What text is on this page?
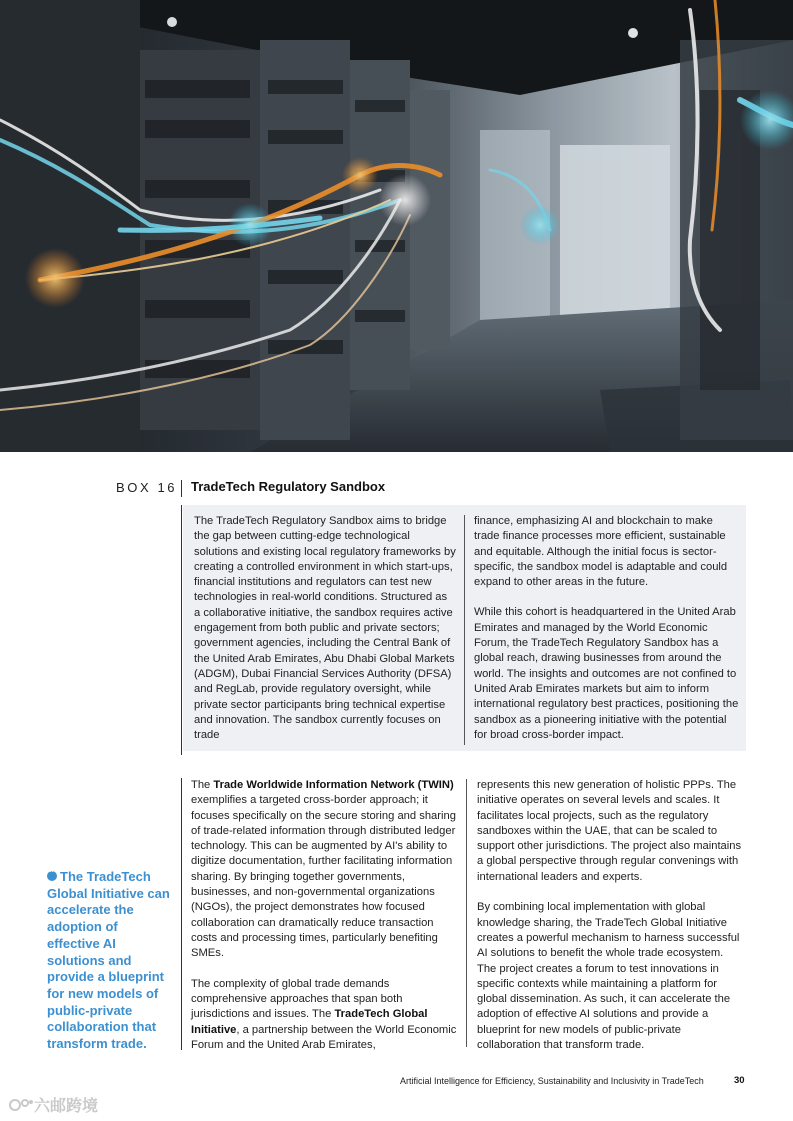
BOX 16 TradeTech Regulatory Sandbox

The TradeTech Regulatory Sandbox aims to bridge the gap between cutting-edge technological solutions and existing local regulatory frameworks by creating a controlled environment in which start-ups, financial institutions and regulators can test new technologies in real-world conditions. Structured as a collaborative initiative, the sandbox requires active engagement from both public and private sectors; government agencies, including the Central Bank of the United Arab Emirates, Abu Dhabi Global Markets (ADGM), Dubai Financial Services Authority (DFSA) and RegLab, provide regulatory oversight, while private sector participants bring technical expertise and innovation. The sandbox currently focuses on trade

finance, emphasizing AI and blockchain to make trade finance processes more efficient, sustainable and equitable. Although the initial focus is sector-specific, the sandbox model is adaptable and could expand to other areas in the future.

While this cohort is headquartered in the United Arab Emirates and managed by the World Economic Forum, the TradeTech Regulatory Sandbox has a global reach, drawing businesses from around the world. The insights and outcomes are not confined to United Arab Emirates markets but aim to inform international regulatory best practices, positioning the sandbox as a pioneering initiative with the potential for broad cross-border impact.

“The TradeTech Global Initiative can accelerate the adoption of effective AI solutions and provide a blueprint for new models of public-private collaboration that transform trade.

The Trade Worldwide Information Network (TWIN) exemplifies a targeted cross-border approach; it focuses specifically on the secure storing and sharing of trade-related information through distributed ledger technology. This can be augmented by AI's ability to digitize documentation, further facilitating information sharing. By bringing together governments, businesses, and non-governmental organizations (NGOs), the project demonstrates how focused collaboration can dramatically reduce transaction costs and processing times, particularly benefiting SMEs.

The complexity of global trade demands comprehensive approaches that span both jurisdictions and issues. The TradeTech Global Initiative, a partnership between the World Economic Forum and the United Arab Emirates,

represents this new generation of holistic PPPs. The initiative operates on several levels and scales. It facilitates local projects, such as the regulatory sandboxes within the UAE, that can be scaled to support other jurisdictions. The project also maintains a global perspective through regular convenings with international leaders and experts.

By combining local implementation with global knowledge sharing, the TradeTech Global Initiative creates a powerful mechanism to harness successful AI solutions to benefit the whole trade ecosystem. The project creates a forum to test innovations in specific contexts while maintaining a platform for global dissemination. As such, it can accelerate the adoption of effective AI solutions and provide a blueprint for new models of public-private collaboration that transform trade.

Artificial Intelligence for Efficiency, Sustainability and Inclusivity in TradeTech	30
六邮跨境
